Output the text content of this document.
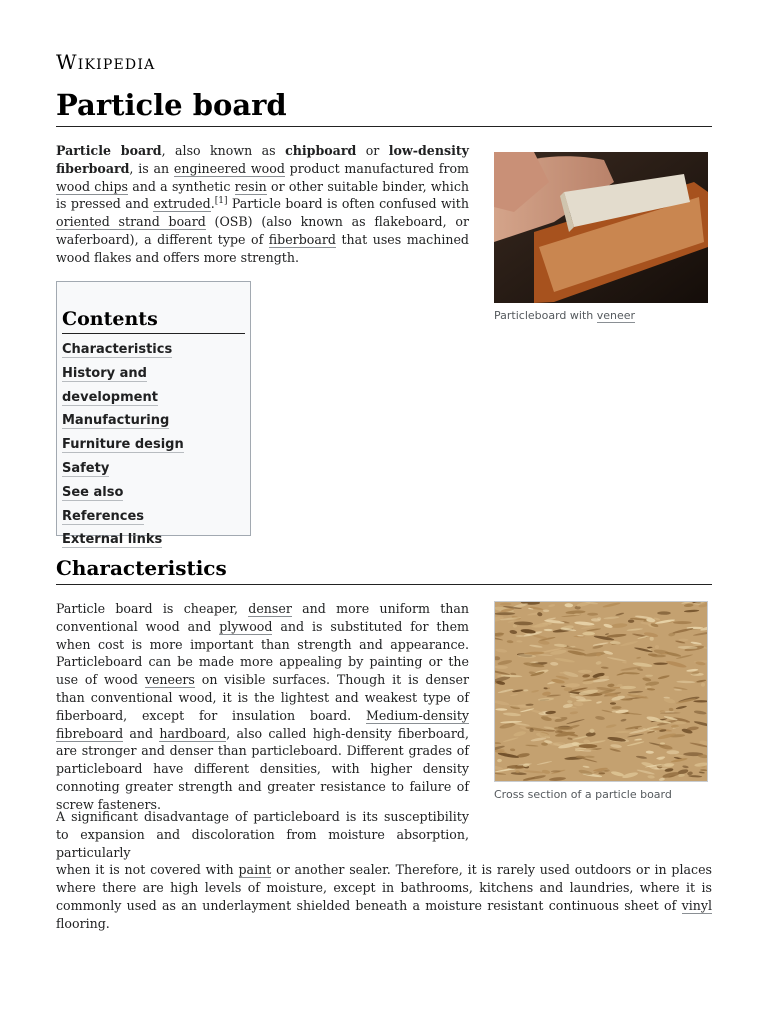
Wikipedia
Particle board

Particle board, also known as chipboard or low-density fiberboard, is an engineered wood product manufactured from wood chips and a synthetic resin or other suitable binder, which is pressed and extruded.[1] Particle board is often confused with oriented strand board (OSB) (also known as flakeboard, or waferboard), a different type of fiberboard that uses machined wood flakes and offers more strength.

Particleboard with veneer
Contents
Characteristics
History and development
Manufacturing
Furniture design
Safety
See also
References
External links
Characteristics

Particle board is cheaper, denser and more uniform than conventional wood and plywood and is substituted for them when cost is more important than strength and appearance. Particleboard can be made more appealing by painting or the use of wood veneers on visible surfaces. Though it is denser than conventional wood, it is the lightest and weakest type of fiberboard, except for insulation board. Medium-density fibreboard and hardboard, also called high-density fiberboard, are stronger and denser than particleboard. Different grades of particleboard have different densities, with higher density connoting greater strength and greater resistance to failure of screw fasteners.

Cross section of a particle board

A significant disadvantage of particleboard is its susceptibility to expansion and discoloration from moisture absorption, particularly
when it is not covered with paint or another sealer. Therefore, it is rarely used outdoors or in places where there are high levels of moisture, except in bathrooms, kitchens and laundries, where it is commonly used as an underlayment shielded beneath a moisture resistant continuous sheet of vinyl flooring.
